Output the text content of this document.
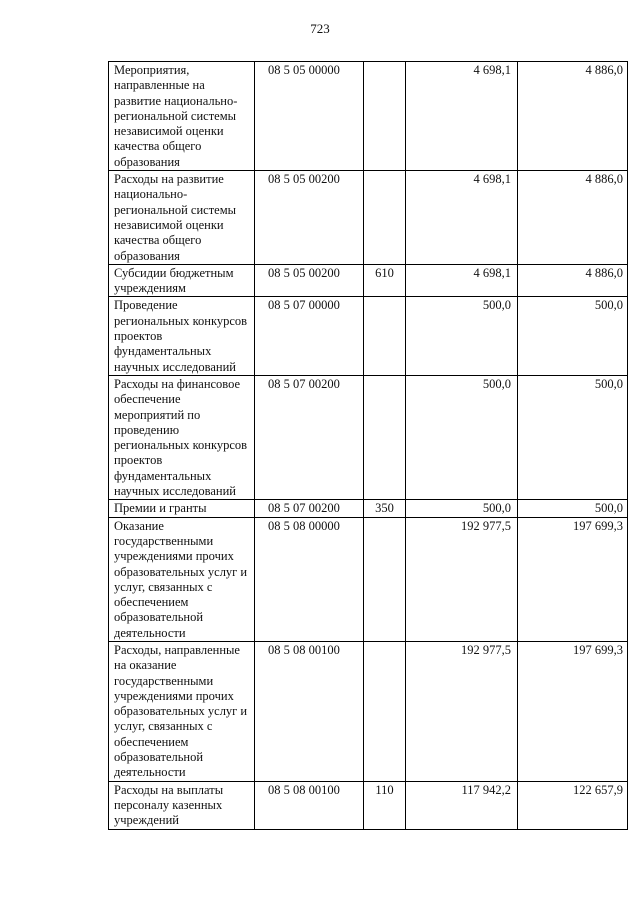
723
Мероприятия, направленные на развитие национально-региональной системы независимой оценки качества общего образования	08 5 05 00000		4 698,1	4 886,0
Расходы на развитие национально-региональной системы независимой оценки качества общего образования	08 5 05 00200		4 698,1	4 886,0
Субсидии бюджетным учреждениям	08 5 05 00200	610	4 698,1	4 886,0
Проведение региональных конкурсов проектов фундаментальных научных исследований	08 5 07 00000		500,0	500,0
Расходы на финансовое обеспечение мероприятий по проведению региональных конкурсов проектов фундаментальных научных исследований	08 5 07 00200		500,0	500,0
Премии и гранты	08 5 07 00200	350	500,0	500,0
Оказание государственными учреждениями прочих образовательных услуг и услуг, связанных с обеспечением образовательной деятельности	08 5 08 00000		192 977,5	197 699,3
Расходы, направленные на оказание государственными учреждениями прочих образовательных услуг и услуг, связанных с обеспечением образовательной деятельности	08 5 08 00100		192 977,5	197 699,3
Расходы на выплаты персоналу казенных учреждений	08 5 08 00100	110	117 942,2	122 657,9
